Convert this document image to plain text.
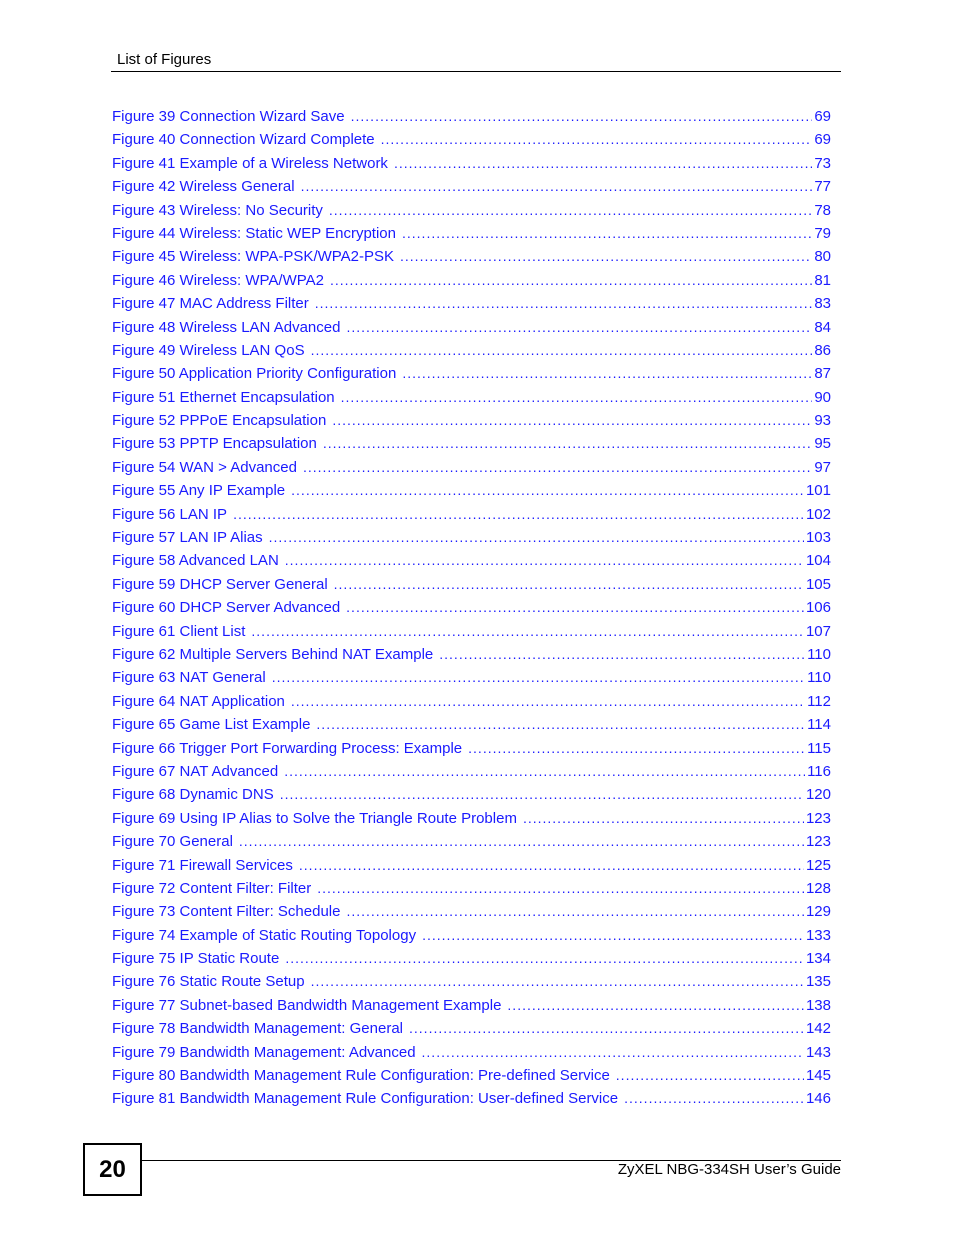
List of Figures
Figure 39 Connection Wizard Save .....	69
Figure 40 Connection Wizard Complete .....	69
Figure 41 Example of a Wireless Network .....	73
Figure 42 Wireless General .....	77
Figure 43 Wireless: No Security .....	78
Figure 44 Wireless: Static WEP Encryption .....	79
Figure 45 Wireless: WPA-PSK/WPA2-PSK .....	80
Figure 46 Wireless: WPA/WPA2 .....	81
Figure 47 MAC Address Filter .....	83
Figure 48 Wireless LAN Advanced .....	84
Figure 49 Wireless LAN QoS .....	86
Figure 50 Application Priority Configuration .....	87
Figure 51 Ethernet Encapsulation .....	90
Figure 52 PPPoE Encapsulation .....	93
Figure 53 PPTP Encapsulation .....	95
Figure 54 WAN > Advanced .....	97
Figure 55 Any IP Example .....	101
Figure 56 LAN IP .....	102
Figure 57 LAN IP Alias .....	103
Figure 58 Advanced LAN .....	104
Figure 59 DHCP Server General .....	105
Figure 60 DHCP Server Advanced .....	106
Figure 61 Client List .....	107
Figure 62 Multiple Servers Behind NAT Example .....	110
Figure 63 NAT General .....	110
Figure 64 NAT Application .....	112
Figure 65 Game List Example .....	114
Figure 66 Trigger Port Forwarding Process: Example .....	115
Figure 67 NAT Advanced .....	116
Figure 68 Dynamic DNS .....	120
Figure 69 Using IP Alias to Solve the Triangle Route Problem .....	123
Figure 70 General .....	123
Figure 71 Firewall Services .....	125
Figure 72 Content Filter: Filter .....	128
Figure 73 Content Filter: Schedule .....	129
Figure 74 Example of Static Routing Topology .....	133
Figure 75 IP Static Route .....	134
Figure 76 Static Route Setup .....	135
Figure 77 Subnet-based Bandwidth Management Example .....	138
Figure 78 Bandwidth Management: General .....	142
Figure 79 Bandwidth Management: Advanced .....	143
Figure 80 Bandwidth Management Rule Configuration: Pre-defined Service .....	145
Figure 81 Bandwidth Management Rule Configuration: User-defined Service .....	146
20	ZyXEL NBG-334SH User’s Guide
